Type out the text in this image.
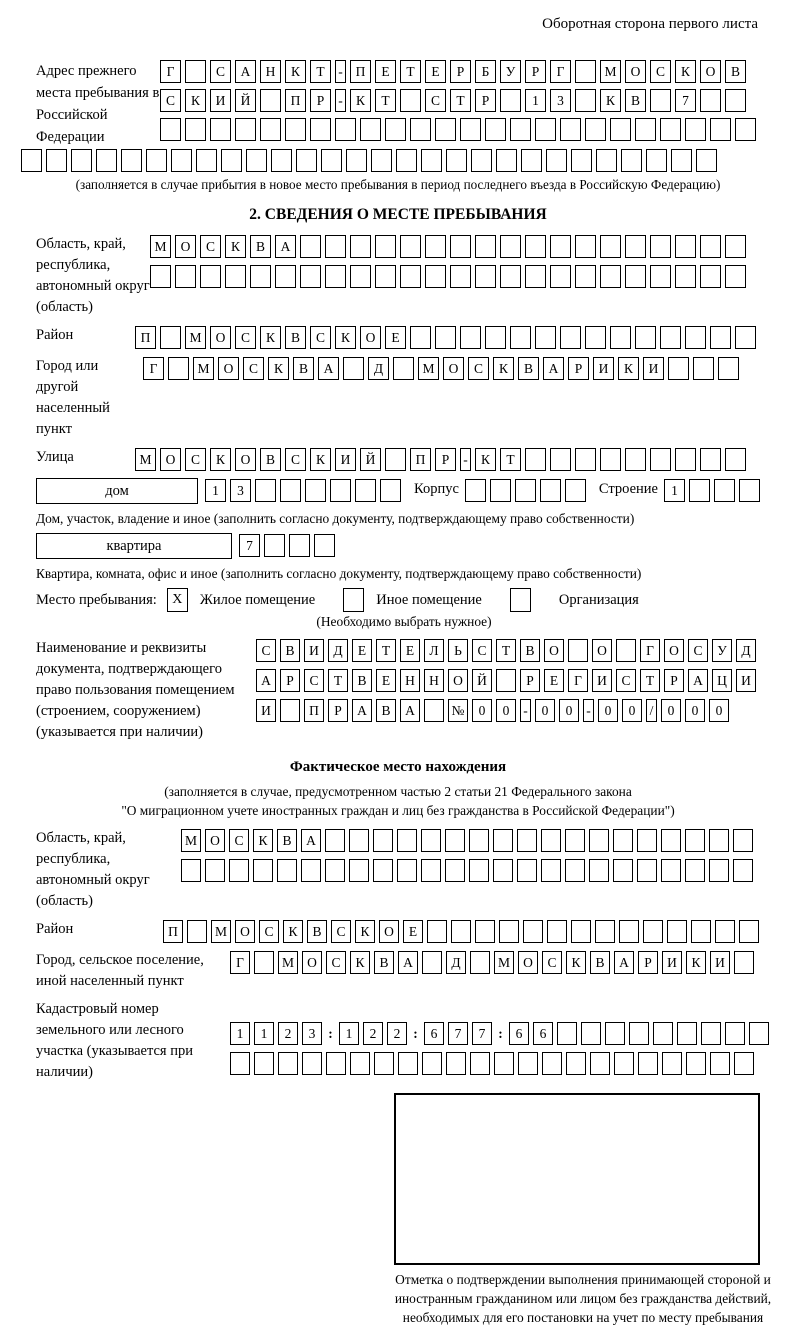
Оборотная сторона первого листа
Адрес прежнего места пребывания в Российской Федерации
Г	С	А	Н	К	Т	- П	Е	Т	Е	Р	Б	У	Р	Г	М	О	С	К	О	В
С	К	И	Й	П	Р	- К	Т	С	Т	Р	1	3	К	В	7
(заполняется в случае прибытия в новое место пребывания в период последнего въезда в Российскую Федерацию)
2. СВЕДЕНИЯ О МЕСТЕ ПРЕБЫВАНИЯ
Область, край, республика, автономный округ (область)
М	О	С	К	В	А
Район	П	М	О	С	К	В	С	К	О	Е
Город или другой населенный пункт
Г	М	О	С	К	В	А	Д	М	О	С	К	В	А	Р	И	К	И
Улица	М	О	С	К	О	В	С	К	И	Й	П	Р	- К	Т
дом	1	3	Корпус	Строение 1
Дом, участок, владение и иное (заполнить согласно документу, подтверждающему право собственности)
квартира	7
Квартира, комната, офис и иное (заполнить согласно документу, подтверждающему право собственности)
Место пребывания:	X	Жилое помещение	Иное помещение	Организация
(Необходимо выбрать нужное)
Наименование и реквизиты документа, подтверждающего право пользования помещением (строением, сооружением) (указывается при наличии)
С	В	И	Д	Е	Т	Е	Л	Ь	С	Т	В	О	О	Г	О	С	У	Д
А	Р	С	Т	В	Е	Н	Н	О	Й	Р	Е	Г	И	С	Т	Р	А	Ц	И
И	П	Р	А	В	А	№	0	0	-	0	0	-	0	0	/	0	0	0
Фактическое место нахождения
(заполняется в случае, предусмотренном частью 2 статьи 21 Федерального закона
"О миграционном учете иностранных граждан и лиц без гражданства в Российской Федерации")
Область, край, республика, автономный округ (область)
М О	С	К	В	А
Район	П	М О	С	К	В	С	К	О	Е
Город, сельское поселение, иной населенный пункт
Г	М О	С	К	В	А	Д	М О	С	К	В	А	Р	И	К	И
Кадастровый номер земельного или лесного участка (указывается при наличии)
1	1	2	3 : 1	2	2 : 6	7	7 : 6	6
Отметка о подтверждении выполнения принимающей стороной и иностранным гражданином или лицом без гражданства действий, необходимых для его постановки на учет по месту пребывания
